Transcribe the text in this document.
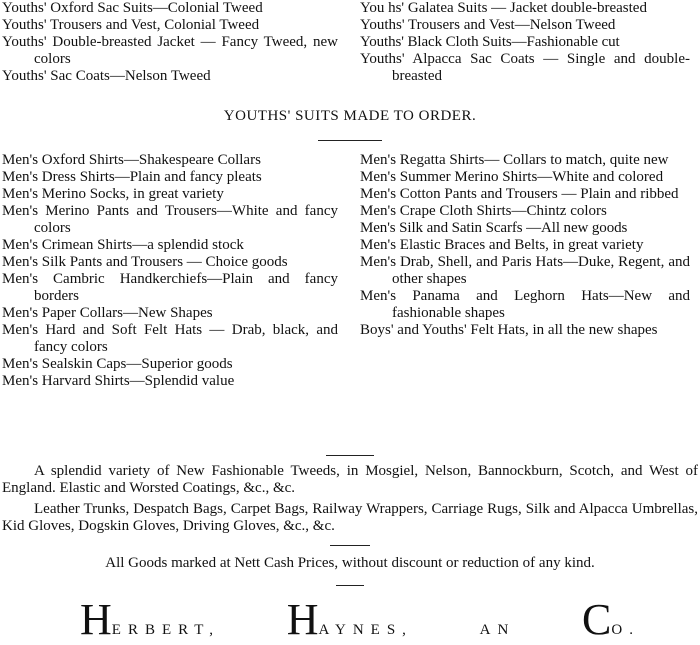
Youths' Oxford Sac Suits—Colonial Tweed
Youths' Trousers and Vest, Colonial Tweed
Youths' Double-breasted Jacket — Fancy Tweed, new colors
Youths' Sac Coats—Nelson Tweed
You hs' Galatea Suits — Jacket double-breasted
Youths' Trousers and Vest—Nelson Tweed
Youths' Black Cloth Suits—Fashionable cut
Youths' Alpacca Sac Coats — Single and double-breasted
YOUTHS' SUITS MADE TO ORDER.
Men's Oxford Shirts—Shakespeare Collars
Men's Dress Shirts—Plain and fancy pleats
Men's Merino Socks, in great variety
Men's Merino Pants and Trousers—White and fancy colors
Men's Crimean Shirts—a splendid stock
Men's Silk Pants and Trousers — Choice goods
Men's Cambric Handkerchiefs—Plain and fancy borders
Men's Paper Collars—New Shapes
Men's Hard and Soft Felt Hats — Drab, black, and fancy colors
Men's Sealskin Caps—Superior goods
Men's Harvard Shirts—Splendid value
Men's Regatta Shirts— Collars to match, quite new
Men's Summer Merino Shirts—White and colored
Men's Cotton Pants and Trousers — Plain and ribbed
Men's Crape Cloth Shirts—Chintz colors
Men's Silk and Satin Scarfs —All new goods
Men's Elastic Braces and Belts, in great variety
Men's Drab, Shell, and Paris Hats—Duke, Regent, and other shapes
Men's Panama and Leghorn Hats—New and fashionable shapes
Boys' and Youths' Felt Hats, in all the new shapes
A splendid variety of New Fashionable Tweeds, in Mosgiel, Nelson, Bannockburn, Scotch, and West of England. Elastic and Worsted Coatings, &c., &c.
Leather Trunks, Despatch Bags, Carpet Bags, Railway Wrappers, Carriage Rugs, Silk and Alpacca Umbrellas, Kid Gloves, Dogskin Gloves, Driving Gloves, &c., &c.
All Goods marked at Nett Cash Prices, without discount or reduction of any kind.
HERBERT, HAYNES,	AN CO.
